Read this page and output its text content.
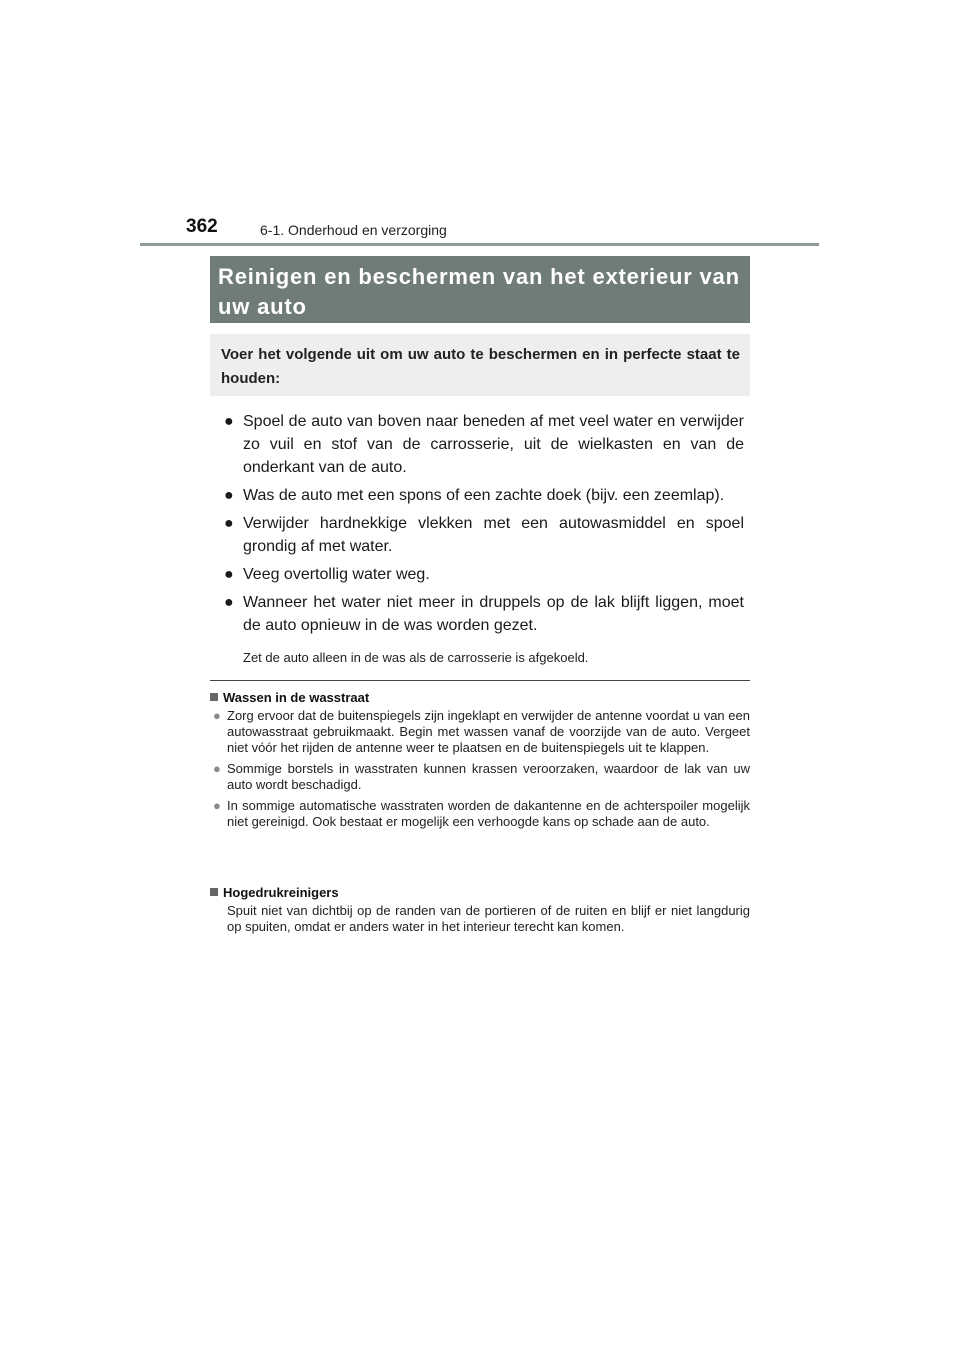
362	6-1. Onderhoud en verzorging
Reinigen en beschermen van het exterieur van uw auto

Voer het volgende uit om uw auto te beschermen en in perfecte staat te houden:

● Spoel de auto van boven naar beneden af met veel water en verwijder zo vuil en stof van de carrosserie, uit de wielkasten en van de onderkant van de auto.
● Was de auto met een spons of een zachte doek (bijv. een zeemlap).
● Verwijder hardnekkige vlekken met een autowasmiddel en spoel grondig af met water.
● Veeg overtollig water weg.
● Wanneer het water niet meer in druppels op de lak blijft liggen, moet de auto opnieuw in de was worden gezet.
Zet de auto alleen in de was als de carrosserie is afgekoeld.
Wassen in de wasstraat
● Zorg ervoor dat de buitenspiegels zijn ingeklapt en verwijder de antenne voordat u van een autowasstraat gebruikmaakt. Begin met wassen vanaf de voorzijde van de auto. Vergeet niet vóór het rijden de antenne weer te plaatsen en de buitenspiegels uit te klappen.
● Sommige borstels in wasstraten kunnen krassen veroorzaken, waardoor de lak van uw auto wordt beschadigd.
● In sommige automatische wasstraten worden de dakantenne en de achterspoiler mogelijk niet gereinigd. Ook bestaat er mogelijk een verhoogde kans op schade aan de auto.
Hogedrukreinigers

Spuit niet van dichtbij op de randen van de portieren of de ruiten en blijf er niet langdurig op spuiten, omdat er anders water in het interieur terecht kan komen.
